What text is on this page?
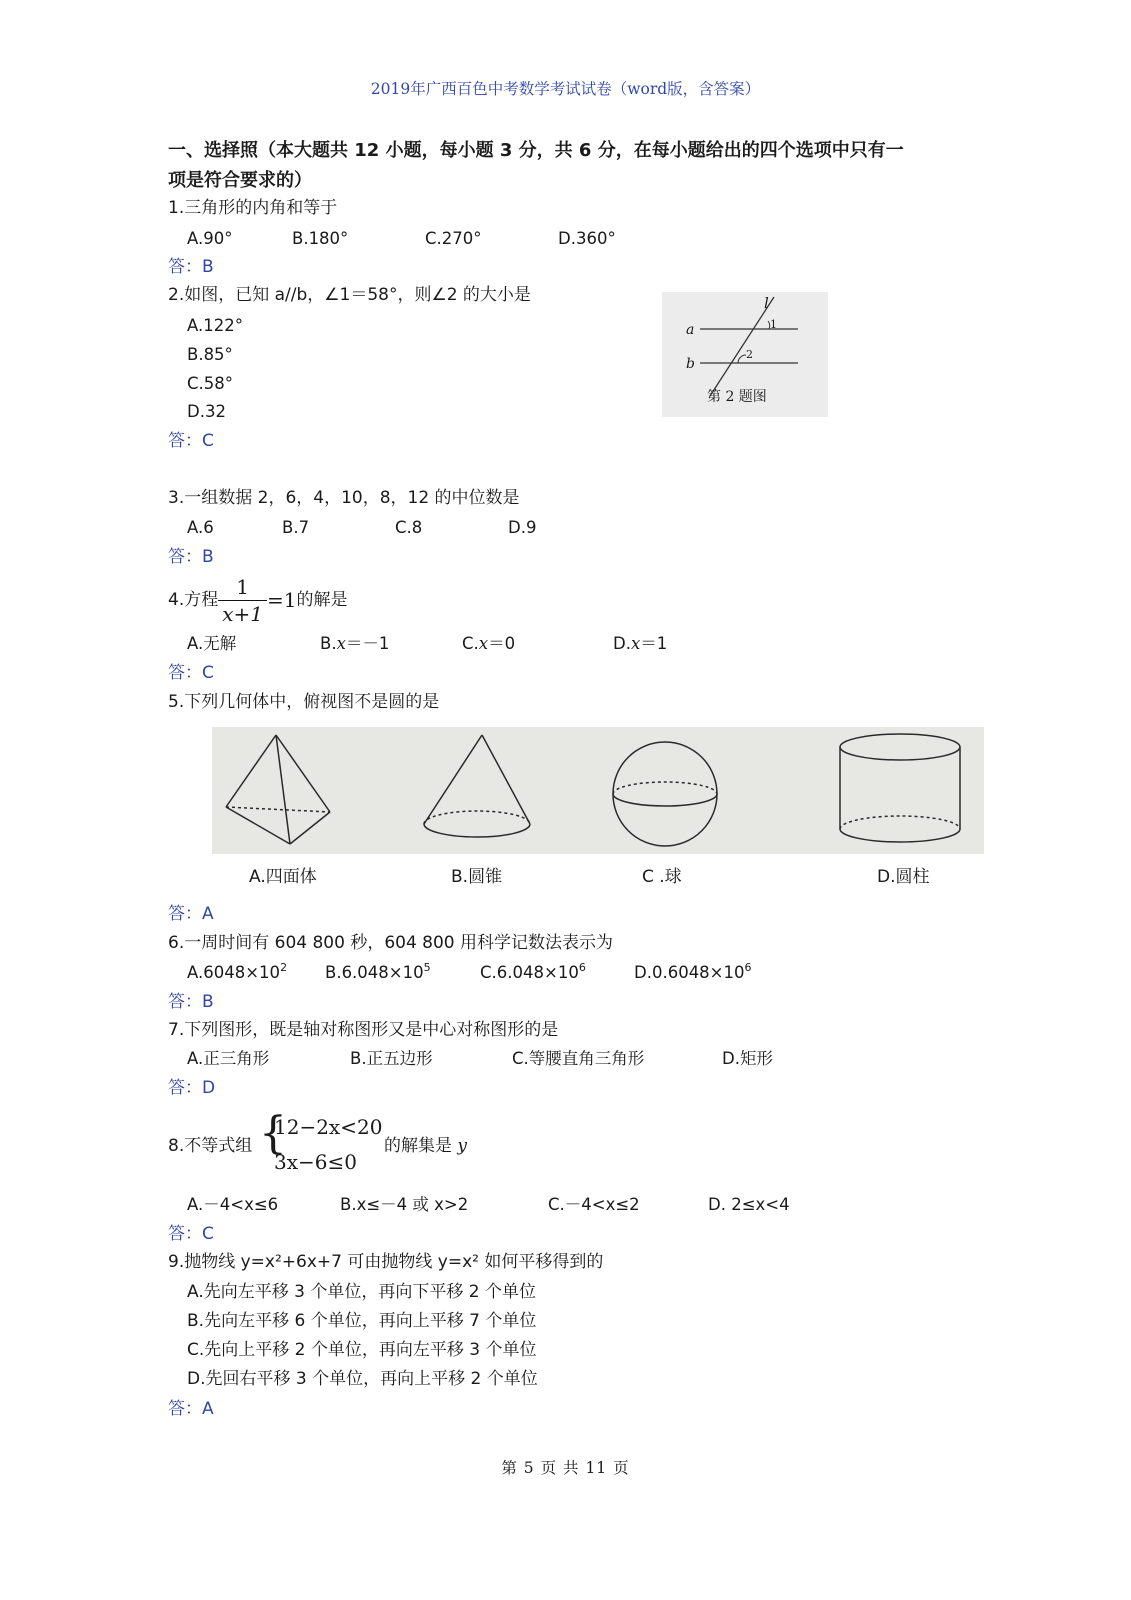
2019年广西百色中考数学考试试卷（word版，含答案）
一、选择照（本大题共 12 小题，每小题 3 分，共 6 分，在每小题给出的四个选项中只有一
项是符合要求的）
1.三角形的内角和等于
A.90°	B.180°	C.270°	D.360°
答：B
2.如图，已知 a//b，∠1＝58°，则∠2 的大小是
A.122°
B.85°
C.58°
D.32
答：C
l
a
b
1
2
第 2 题图
3.一组数据 2，6，4，10，8，12 的中位数是
A.6	B.7	C.8	D.9
答：B
4.方程 $\frac{1}{x+1} =1$ 的解是
A.无解	B.x＝－1	C.x＝0	D.x＝1
答：C
5.下列几何体中，俯视图不是圆的是
A.四面体	B.圆锥	C .球	D.圆柱
答：A
6.一周时间有 604 800 秒，604 800 用科学记数法表示为
$A.6048\times 10^2$ $B.6.048\times 10^5$	$C.6.048\times 10^6$	$D.0.6048\times 10^6$
答：B
7.下列图形，既是轴对称图形又是中心对称图形的是
A.正三角形	B.正五边形	C.等腰直角三角形	D.矩形
答：D
8.不等式组 {
12−2x<20
3x−6≤0
的解集是 y
A.－4<x≤6	B.x≤－4 或 x>2	C.－4<x≤2	D. 2≤x<4
答：C
9.抛物线 y=x²+6x+7 可由抛物线 y=x² 如何平移得到的
A.先向左平移 3 个单位，再向下平移 2 个单位
B.先向左平移 6 个单位，再向上平移 7 个单位
C.先向上平移 2 个单位，再向左平移 3 个单位
D.先回右平移 3 个单位，再向上平移 2 个单位
答：A
第 5 页 共 11 页
